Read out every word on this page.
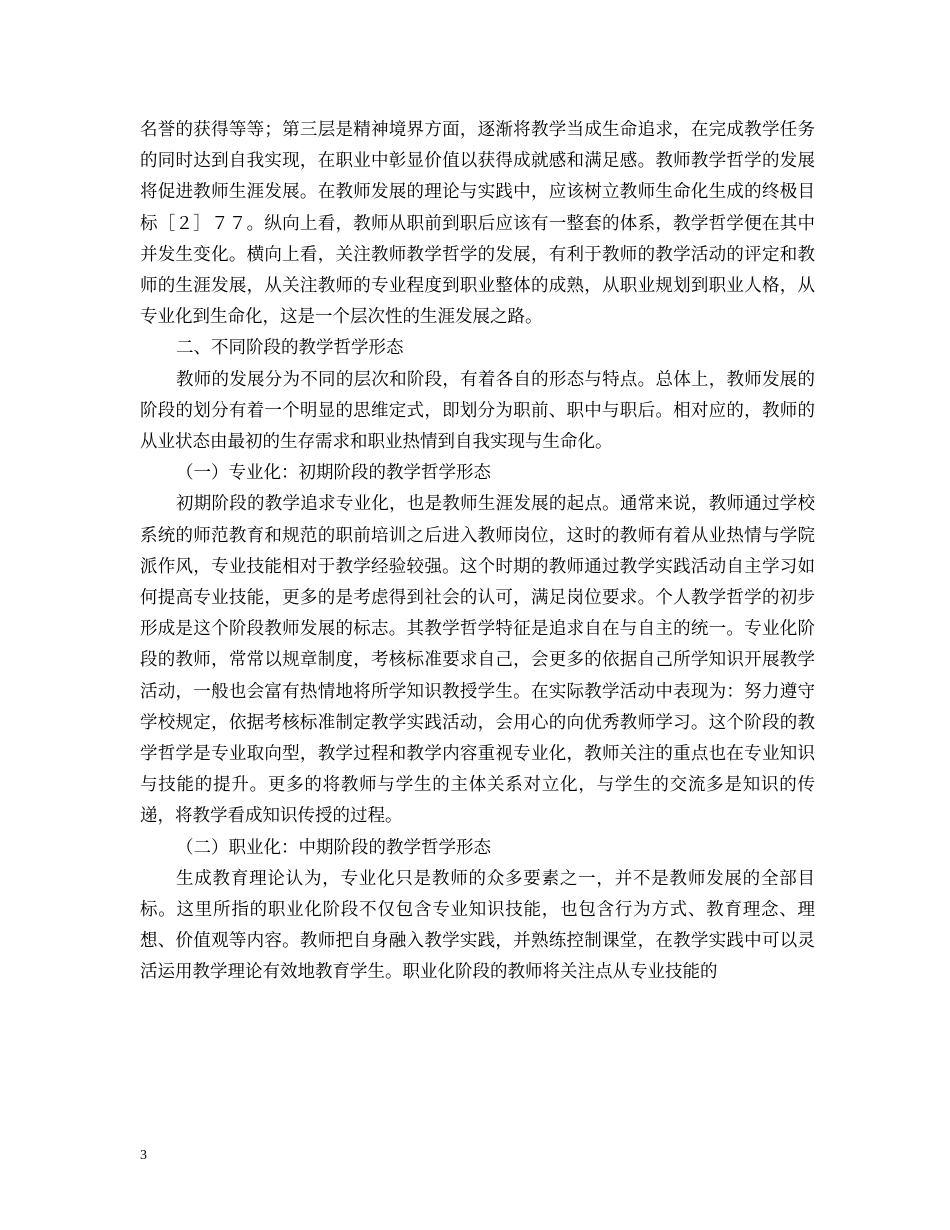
名誉的获得等等；第三层是精神境界方面，逐渐将教学当成生命追求，在完成教学任务的同时达到自我实现，在职业中彰显价值以获得成就感和满足感。教师教学哲学的发展将促进教师生涯发展。在教师发展的理论与实践中，应该树立教师生命化生成的终极目标［２］７７。纵向上看，教师从职前到职后应该有一整套的体系，教学哲学便在其中并发生变化。横向上看，关注教师教学哲学的发展，有利于教师的教学活动的评定和教师的生涯发展，从关注教师的专业程度到职业整体的成熟，从职业规划到职业人格，从专业化到生命化，这是一个层次性的生涯发展之路。

二、不同阶段的教学哲学形态

教师的发展分为不同的层次和阶段，有着各自的形态与特点。总体上，教师发展的阶段的划分有着一个明显的思维定式，即划分为职前、职中与职后。相对应的，教师的从业状态由最初的生存需求和职业热情到自我实现与生命化。

（一）专业化：初期阶段的教学哲学形态

初期阶段的教学追求专业化，也是教师生涯发展的起点。通常来说，教师通过学校系统的师范教育和规范的职前培训之后进入教师岗位，这时的教师有着从业热情与学院派作风，专业技能相对于教学经验较强。这个时期的教师通过教学实践活动自主学习如何提高专业技能，更多的是考虑得到社会的认可，满足岗位要求。个人教学哲学的初步形成是这个阶段教师发展的标志。其教学哲学特征是追求自在与自主的统一。专业化阶段的教师，常常以规章制度，考核标准要求自己，会更多的依据自己所学知识开展教学活动，一般也会富有热情地将所学知识教授学生。在实际教学活动中表现为：努力遵守学校规定，依据考核标准制定教学实践活动，会用心的向优秀教师学习。这个阶段的教学哲学是专业取向型，教学过程和教学内容重视专业化，教师关注的重点也在专业知识与技能的提升。更多的将教师与学生的主体关系对立化，与学生的交流多是知识的传递，将教学看成知识传授的过程。

（二）职业化：中期阶段的教学哲学形态

生成教育理论认为，专业化只是教师的众多要素之一，并不是教师发展的全部目标。这里所指的职业化阶段不仅包含专业知识技能，也包含行为方式、教育理念、理想、价值观等内容。教师把自身融入教学实践，并熟练控制课堂，在教学实践中可以灵活运用教学理论有效地教育学生。职业化阶段的教师将关注点从专业技能的

3
